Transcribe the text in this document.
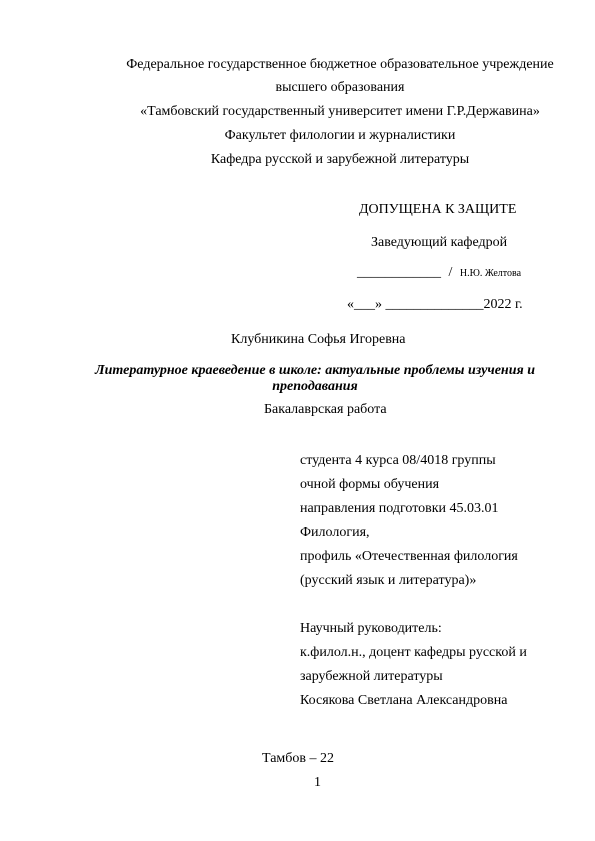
Федеральное государственное бюджетное образовательное учреждение
высшего образования
«Тамбовский государственный университет имени Г.Р.Державина»
Факультет филологии и журналистики
Кафедра русской и зарубежной литературы
ДОПУЩЕНА К ЗАЩИТЕ
Заведующий кафедрой
____________ / Н.Ю. Желтова
«___» ______________2022 г.
Клубникина Софья Игоревна
Литературное краеведение в школе: актуальные проблемы изучения и преподавания
Бакалаврская работа
студента 4 курса 08/4018 группы
очной формы обучения
направления подготовки 45.03.01
Филология,
профиль «Отечественная филология
(русский язык и литература)»
Научный руководитель:
к.филол.н., доцент кафедры русской и
зарубежной литературы
Косякова Светлана Александровна
Тамбов – 22
1
